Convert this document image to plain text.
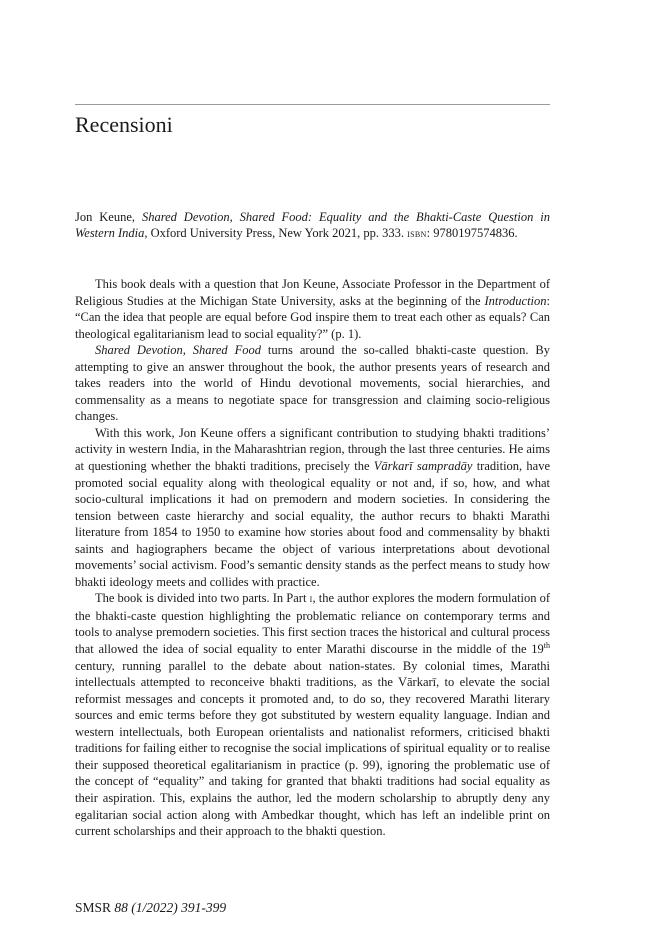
Recensioni

Jon Keune, Shared Devotion, Shared Food: Equality and the Bhakti-Caste Question in Western India, Oxford University Press, New York 2021, pp. 333. isbn: 9780197574836.

This book deals with a question that Jon Keune, Associate Professor in the Department of Religious Studies at the Michigan State University, asks at the beginning of the Introduction: “Can the idea that people are equal before God inspire them to treat each other as equals? Can theological egalitarianism lead to social equality?” (p. 1).

Shared Devotion, Shared Food turns around the so-called bhakti-caste question. By attempting to give an answer throughout the book, the author presents years of research and takes readers into the world of Hindu devotional movements, social hierarchies, and commensality as a means to negotiate space for transgression and claiming socio-religious changes.

With this work, Jon Keune offers a significant contribution to studying bhakti traditions’ activity in western India, in the Maharashtrian region, through the last three centuries. He aims at questioning whether the bhakti traditions, precisely the Vārkarī sampradāy tradition, have promoted social equality along with theological equality or not and, if so, how, and what socio-cultural implications it had on premodern and modern societies. In considering the tension between caste hierarchy and social equality, the author recurs to bhakti Marathi literature from 1854 to 1950 to examine how stories about food and commensality by bhakti saints and hagiographers became the object of various interpretations about devotional movements’ social activism. Food’s semantic density stands as the perfect means to study how bhakti ideology meets and collides with practice.

The book is divided into two parts. In Part i, the author explores the modern formulation of the bhakti-caste question highlighting the problematic reliance on contemporary terms and tools to analyse premodern societies. This first section traces the historical and cultural process that allowed the idea of social equality to enter Marathi discourse in the middle of the 19th century, running parallel to the debate about nation-states. By colonial times, Marathi intellectuals attempted to reconceive bhakti traditions, as the Vārkarī, to elevate the social reformist messages and concepts it promoted and, to do so, they recovered Marathi literary sources and emic terms before they got substituted by western equality language. Indian and western intellectuals, both European orientalists and nationalist reformers, criticised bhakti traditions for failing either to recognise the social implications of spiritual equality or to realise their supposed theoretical egalitarianism in practice (p. 99), ignoring the problematic use of the concept of “equality” and taking for granted that bhakti traditions had social equality as their aspiration. This, explains the author, led the modern scholarship to abruptly deny any egalitarian social action along with Ambedkar thought, which has left an indelible print on current scholarships and their approach to the bhakti question.

SMSR 88 (1/2022) 391-399
